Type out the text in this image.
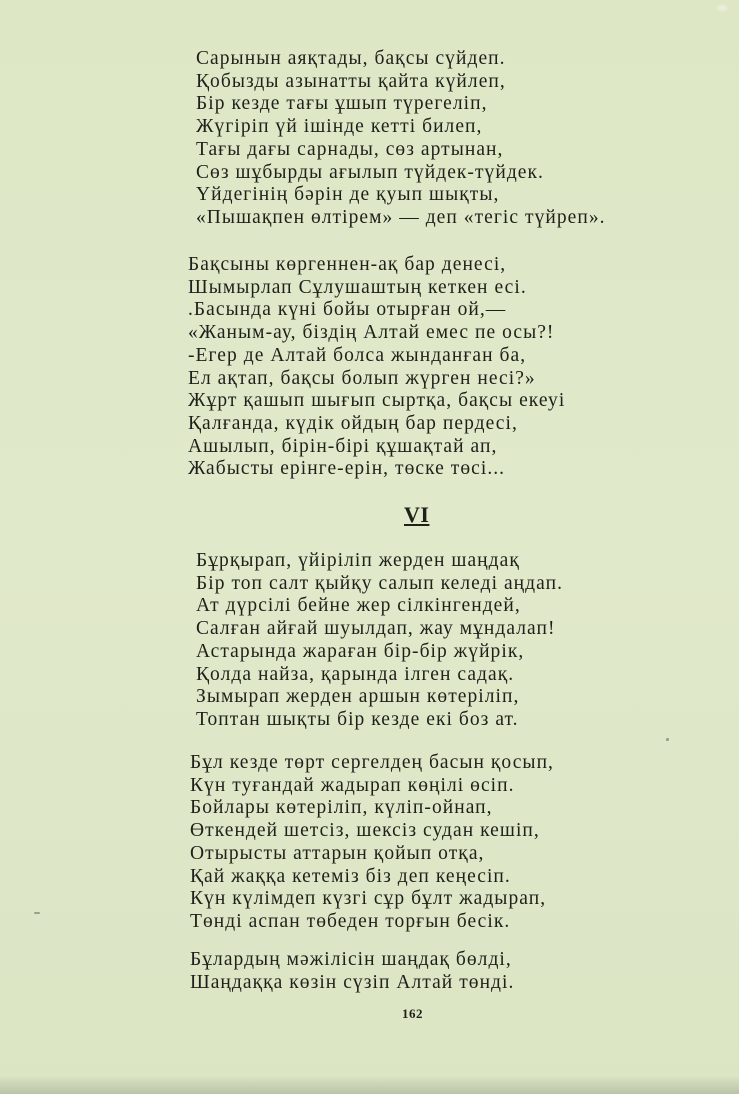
Сарынын аяқтады, бақсы сүйдеп.
Қобызды азынатты қайта күйлеп,
Бір кезде тағы ұшып түрегеліп,
Жүгіріп үй ішінде кетті билеп,
Тағы дағы сарнады, сөз артынан,
Сөз шұбырды ағылып түйдек-түйдек.
Үйдегінің бәрін де қуып шықты,
«Пышақпен өлтірем» — деп «тегіс түйреп».
Бақсыны көргеннен-ақ бар денесі,
Шымырлап Сұлушаштың кеткен есі.
.Басында күні бойы отырған ой,—
«Жаным-ау, біздің Алтай емес пе осы?!
-Егер де Алтай болса жынданған ба,
Ел ақтап, бақсы болып жүрген несі?»
Жұрт қашып шығып сыртқа, бақсы екеуі
Қалғанда, күдік ойдың бар пердесі,
Ашылып, бірін-бірі құшақтай ап,
Жабысты ерінге-ерін, төске төсі...
VI
Бұрқырап, үйіріліп жерден шаңдақ
Бір топ салт қыйқу салып келеді аңдап.
Ат дүрсілі бейне жер сілкінгендей,
Салған айғай шуылдап, жау мұндалап!
Астарында жараған бір-бір жүйрік,
Қолда найза, қарында ілген садақ.
Зымырап жерден аршын көтеріліп,
Топтан шықты бір кезде екі боз ат.
Бұл кезде төрт сергелдең басын қосып,
Күн туғандай жадырап көңілі өсіп.
Бойлары көтеріліп, күліп-ойнап,
Өткендей шетсіз, шексіз судан кешіп,
Отырысты аттарын қойып отқа,
Қай жаққа кетеміз біз деп кеңесіп.
Күн күлімдеп күзгі сұр бұлт жадырап,
Төнді аспан төбеден торғын бесік.
Бұлардың мәжілісін шаңдақ бөлді,
Шаңдаққа көзін сүзіп Алтай төнді.
162
